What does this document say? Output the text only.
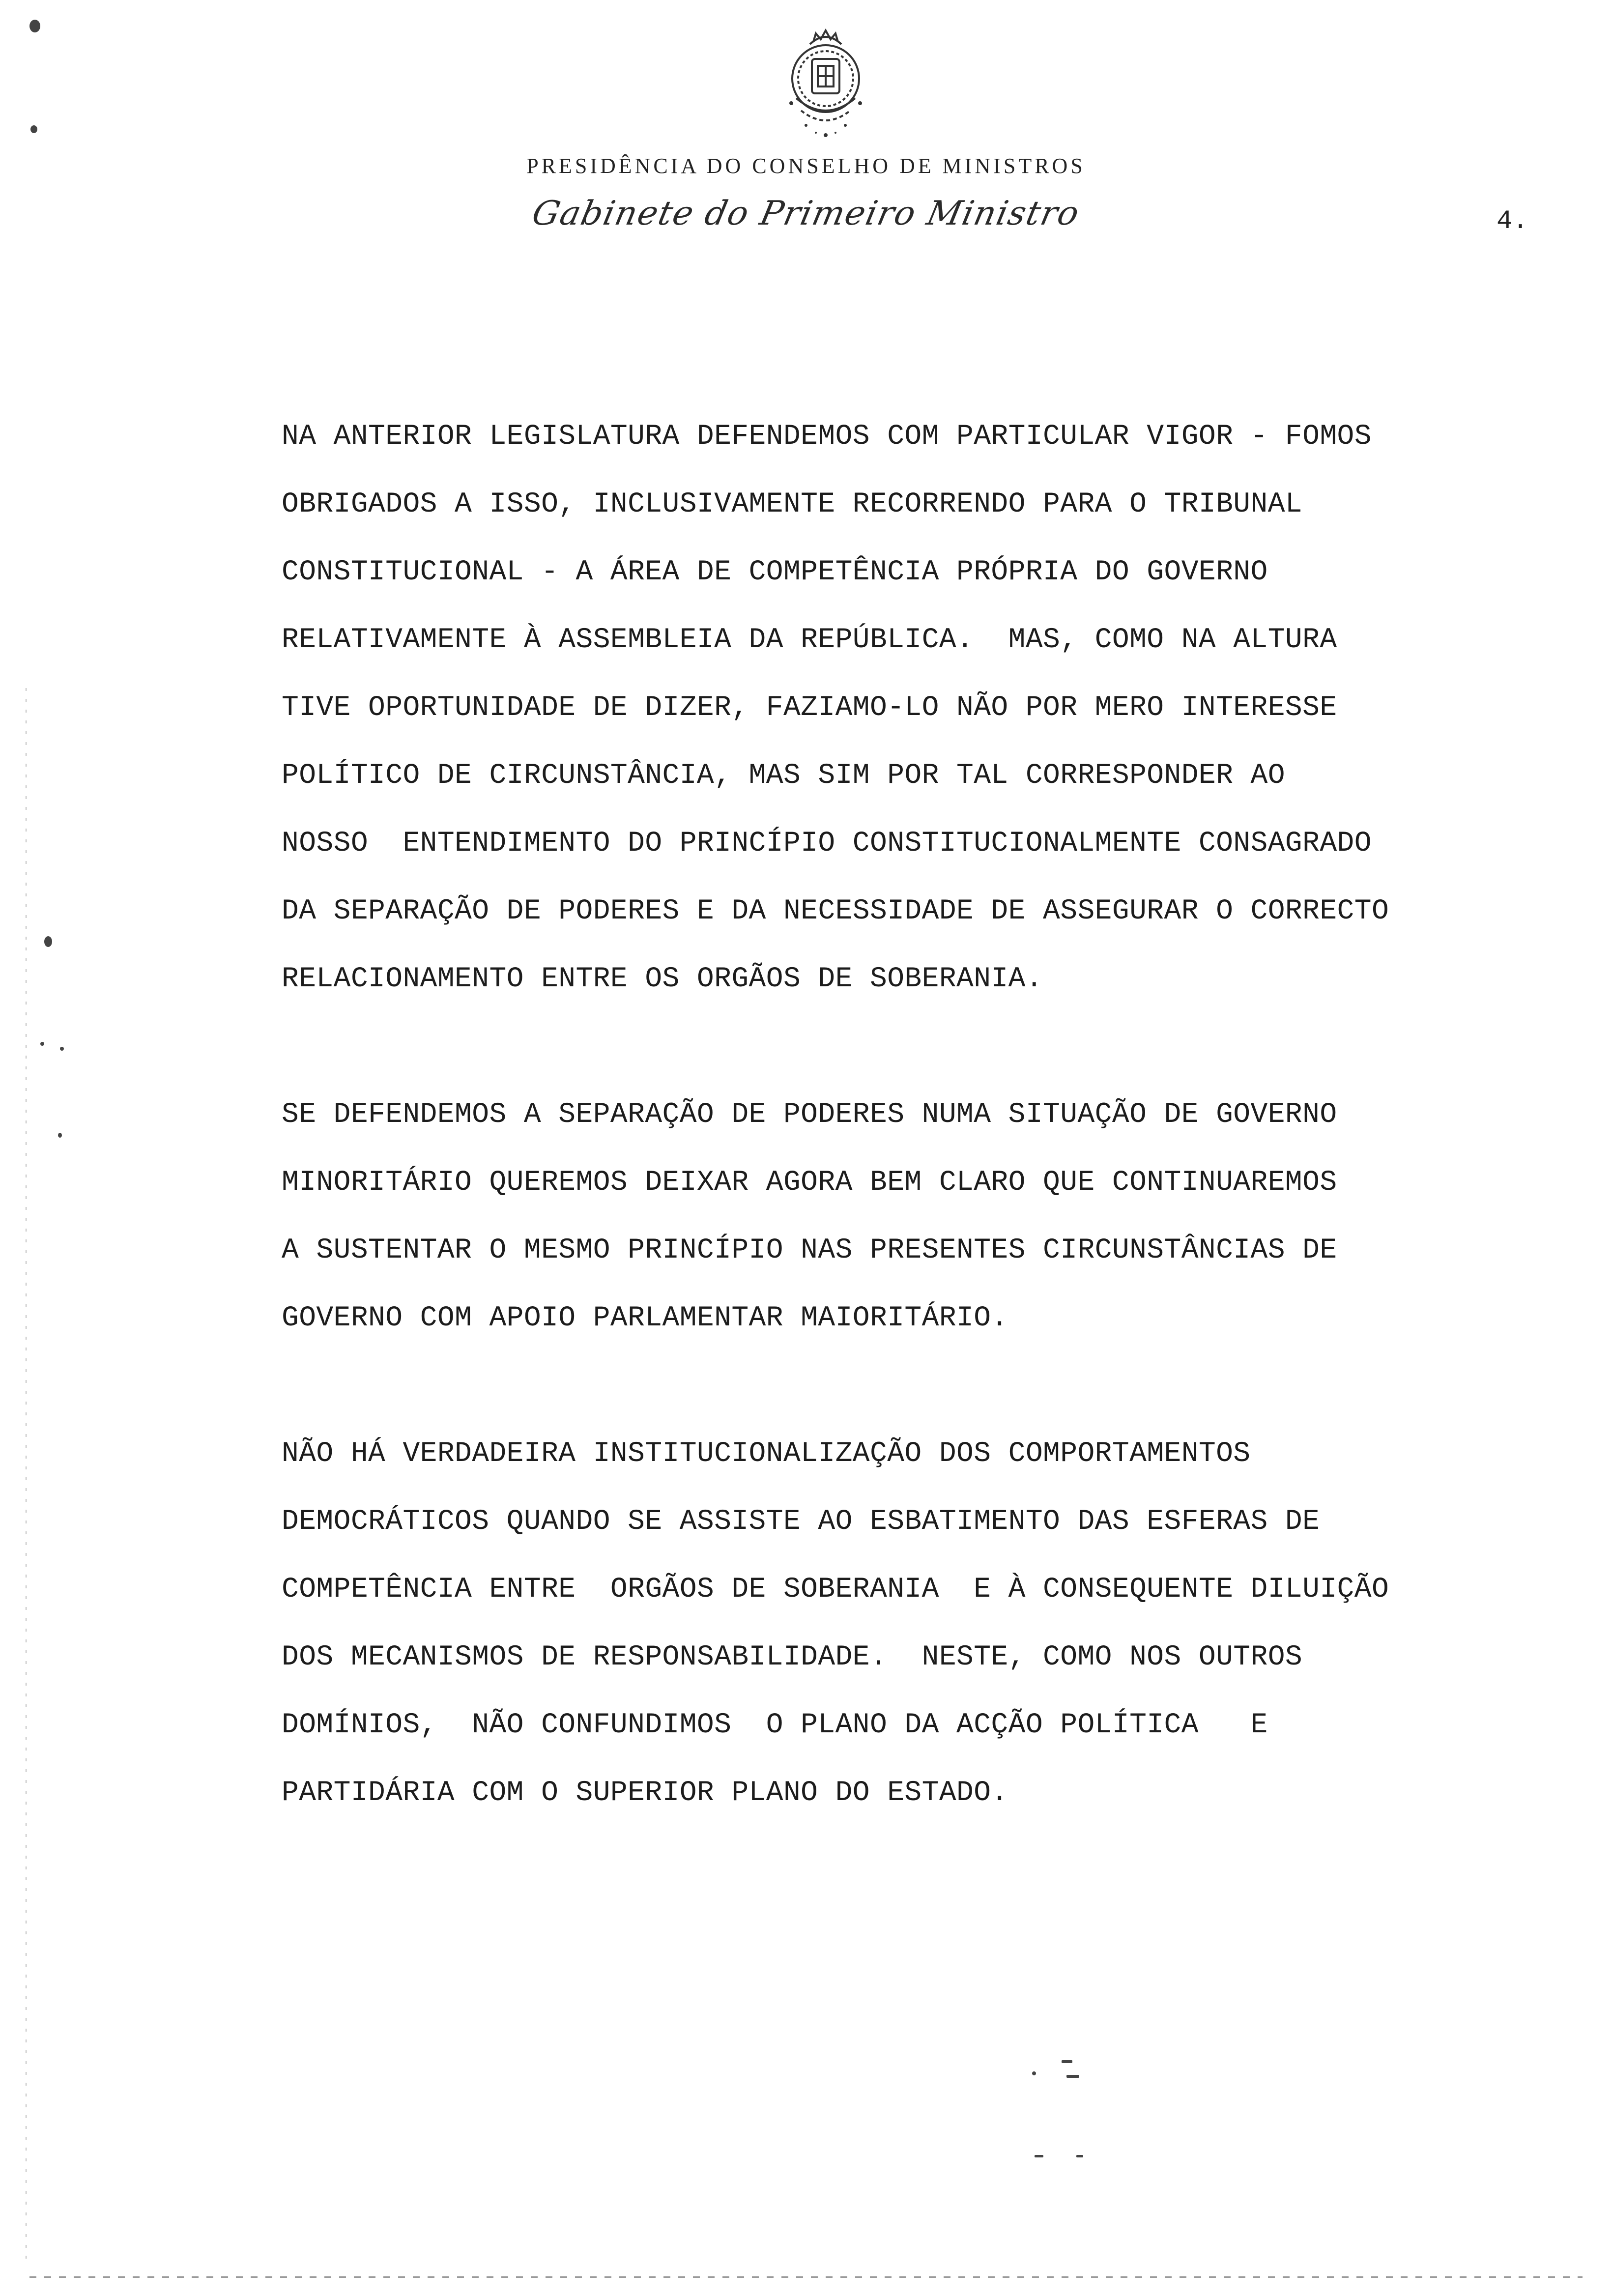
PRESIDÊNCIA DO CONSELHO DE MINISTROS
Gabinete do Primeiro Ministro	4.
NA ANTERIOR LEGISLATURA DEFENDEMOS COM PARTICULAR VIGOR - FOMOS
OBRIGADOS A ISSO, INCLUSIVAMENTE RECORRENDO PARA O TRIBUNAL
CONSTITUCIONAL - A ÁREA DE COMPETÊNCIA PRÓPRIA DO GOVERNO
RELATIVAMENTE À ASSEMBLEIA DA REPÚBLICA.  MAS, COMO NA ALTURA
TIVE OPORTUNIDADE DE DIZER, FAZIAMO-LO NÃO POR MERO INTERESSE
POLÍTICO DE CIRCUNSTÂNCIA, MAS SIM POR TAL CORRESPONDER AO
NOSSO  ENTENDIMENTO DO PRINCÍPIO CONSTITUCIONALMENTE CONSAGRADO
DA SEPARAÇÃO DE PODERES E DA NECESSIDADE DE ASSEGURAR O CORRECTO
RELACIONAMENTO ENTRE OS ORGÃOS DE SOBERANIA.
SE DEFENDEMOS A SEPARAÇÃO DE PODERES NUMA SITUAÇÃO DE GOVERNO
MINORITÁRIO QUEREMOS DEIXAR AGORA BEM CLARO QUE CONTINUAREMOS
A SUSTENTAR O MESMO PRINCÍPIO NAS PRESENTES CIRCUNSTÂNCIAS DE
GOVERNO COM APOIO PARLAMENTAR MAIORITÁRIO.
NÃO HÁ VERDADEIRA INSTITUCIONALIZAÇÃO DOS COMPORTAMENTOS
DEMOCRÁTICOS QUANDO SE ASSISTE AO ESBATIMENTO DAS ESFERAS DE
COMPETÊNCIA ENTRE  ORGÃOS DE SOBERANIA  E À CONSEQUENTE DILUIÇÃO
DOS MECANISMOS DE RESPONSABILIDADE.  NESTE, COMO NOS OUTROS
DOMÍNIOS,  NÃO CONFUNDIMOS  O PLANO DA ACÇÃO POLÍTICA   E
PARTIDÁRIA COM O SUPERIOR PLANO DO ESTADO.
